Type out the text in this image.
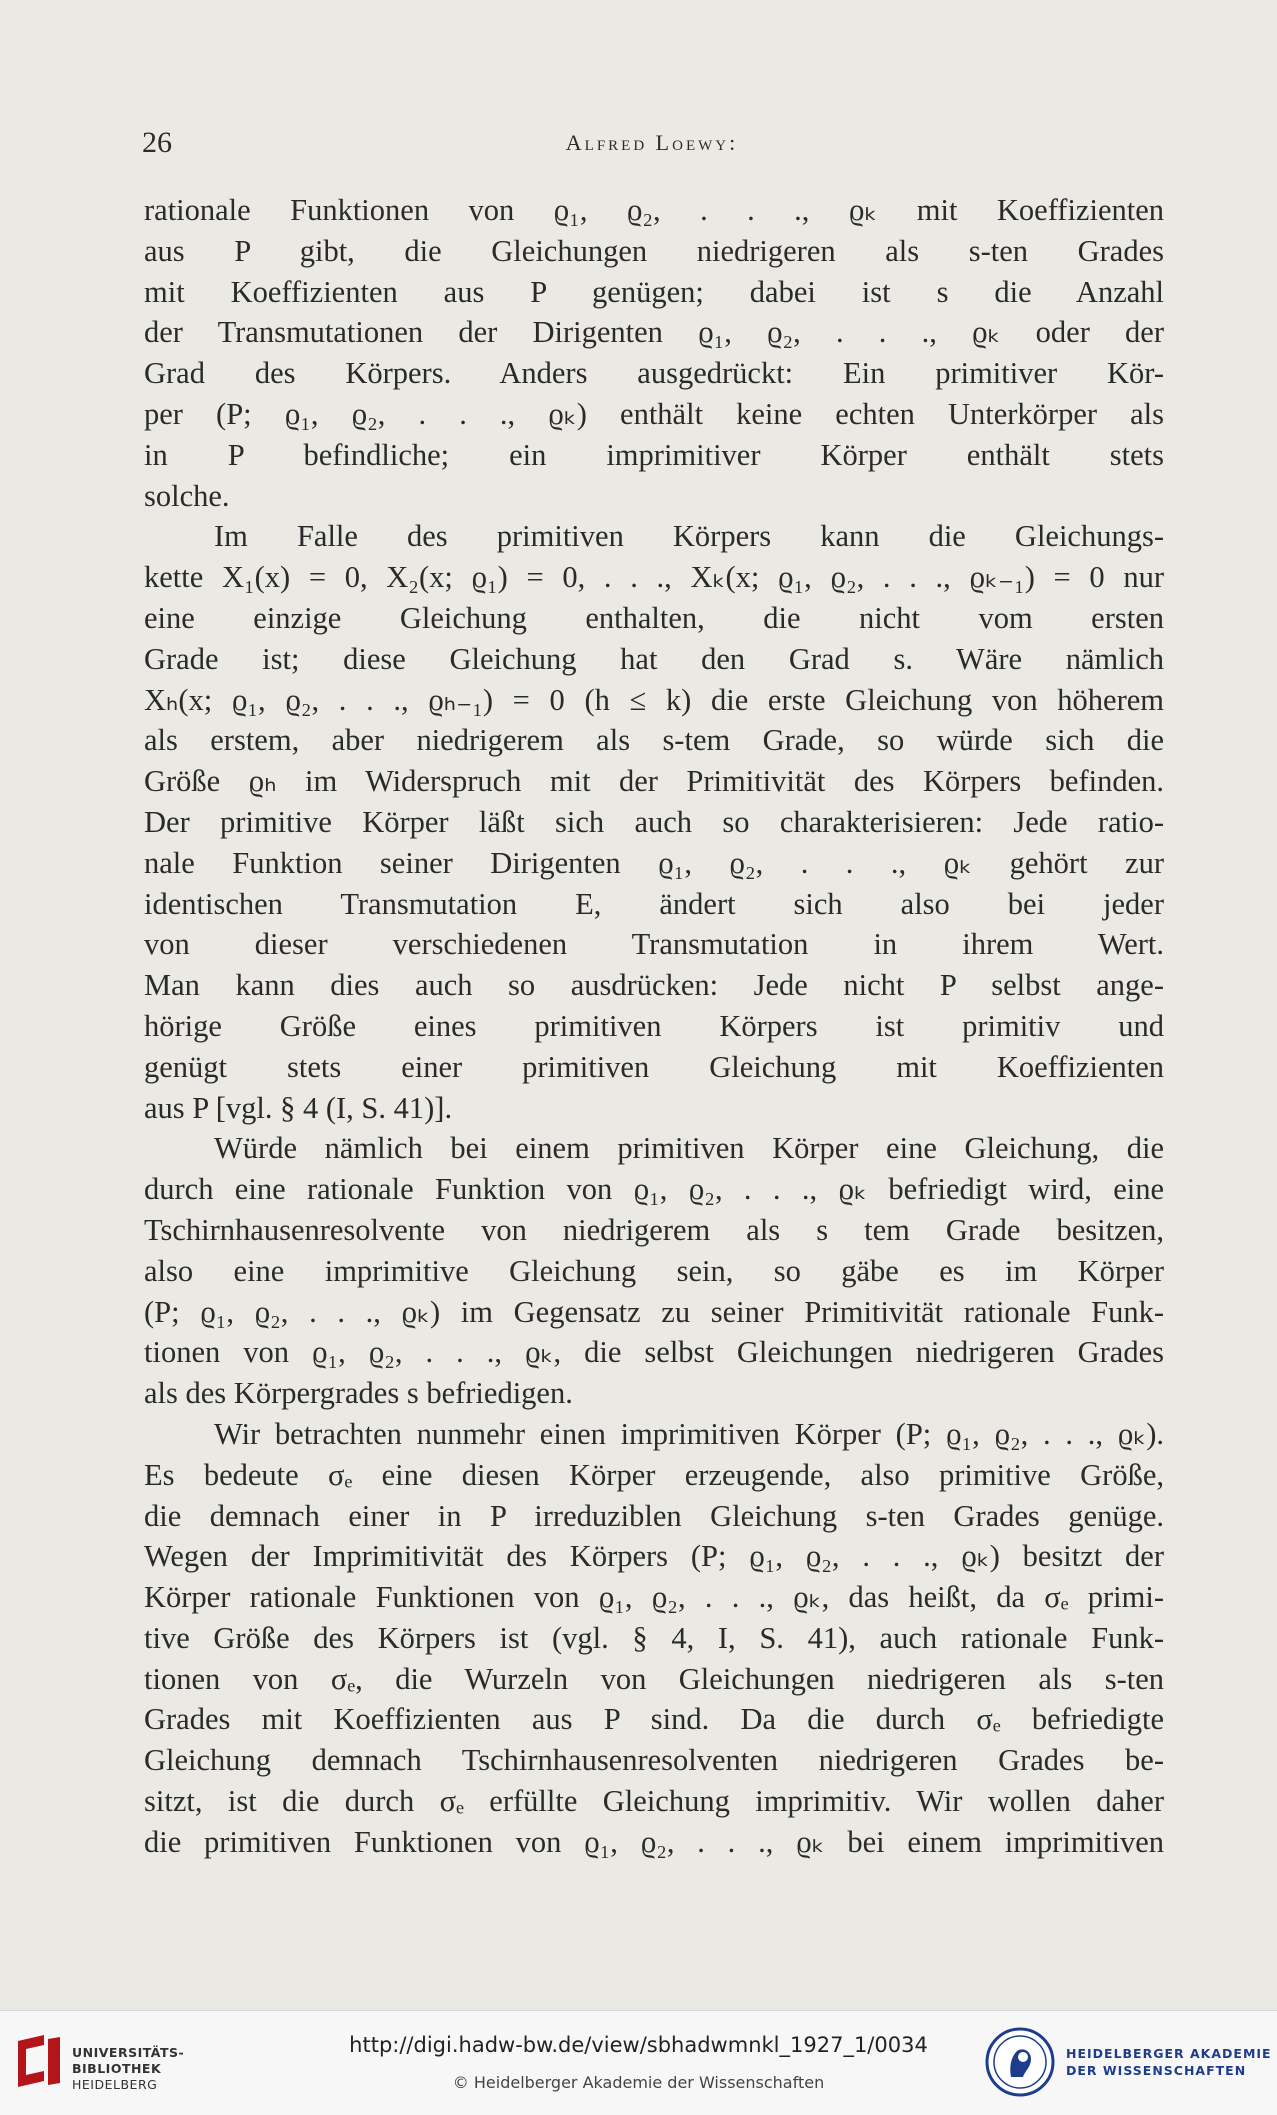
26	Alfred Loewy:
rationale Funktionen von ϱ₁, ϱ₂, . . ., ϱₖ mit Koeffizienten
aus P gibt, die Gleichungen niedrigeren als s-ten Grades
mit Koeffizienten aus P genügen; dabei ist s die Anzahl
der Transmutationen der Dirigenten ϱ₁, ϱ₂, . . ., ϱₖ oder der
Grad des Körpers. Anders ausgedrückt: Ein primitiver Kör-
per (P; ϱ₁, ϱ₂, . . ., ϱₖ) enthält keine echten Unterkörper als
in P befindliche; ein imprimitiver Körper enthält stets
solche.
Im Falle des primitiven Körpers kann die Gleichungs-
kette X₁(x) = 0, X₂(x; ϱ₁) = 0, . . ., Xₖ(x; ϱ₁, ϱ₂, . . ., ϱₖ₋₁) = 0 nur
eine einzige Gleichung enthalten, die nicht vom ersten
Grade ist; diese Gleichung hat den Grad s. Wäre nämlich
Xₕ(x; ϱ₁, ϱ₂, . . ., ϱₕ₋₁) = 0 (h ≤ k) die erste Gleichung von höherem
als erstem, aber niedrigerem als s-tem Grade, so würde sich die
Größe ϱₕ im Widerspruch mit der Primitivität des Körpers befinden.
Der primitive Körper läßt sich auch so charakterisieren: Jede ratio-
nale Funktion seiner Dirigenten ϱ₁, ϱ₂, . . ., ϱₖ gehört zur
identischen Transmutation E, ändert sich also bei jeder
von dieser verschiedenen Transmutation in ihrem Wert.
Man kann dies auch so ausdrücken: Jede nicht P selbst ange-
hörige Größe eines primitiven Körpers ist primitiv und
genügt stets einer primitiven Gleichung mit Koeffizienten
aus P [vgl. § 4 (I, S. 41)].
Würde nämlich bei einem primitiven Körper eine Gleichung, die
durch eine rationale Funktion von ϱ₁, ϱ₂, . . ., ϱₖ befriedigt wird, eine
Tschirnhausenresolvente von niedrigerem als s tem Grade besitzen,
also eine imprimitive Gleichung sein, so gäbe es im Körper
(P; ϱ₁, ϱ₂, . . ., ϱₖ) im Gegensatz zu seiner Primitivität rationale Funk-
tionen von ϱ₁, ϱ₂, . . ., ϱₖ, die selbst Gleichungen niedrigeren Grades
als des Körpergrades s befriedigen.
Wir betrachten nunmehr einen imprimitiven Körper (P; ϱ₁, ϱ₂, . . ., ϱₖ).
Es bedeute σₑ eine diesen Körper erzeugende, also primitive Größe,
die demnach einer in P irreduziblen Gleichung s-ten Grades genüge.
Wegen der Imprimitivität des Körpers (P; ϱ₁, ϱ₂, . . ., ϱₖ) besitzt der
Körper rationale Funktionen von ϱ₁, ϱ₂, . . ., ϱₖ, das heißt, da σₑ primi-
tive Größe des Körpers ist (vgl. § 4, I, S. 41), auch rationale Funk-
tionen von σₑ, die Wurzeln von Gleichungen niedrigeren als s-ten
Grades mit Koeffizienten aus P sind. Da die durch σₑ befriedigte
Gleichung demnach Tschirnhausenresolventen niedrigeren Grades be-
sitzt, ist die durch σₑ erfüllte Gleichung imprimitiv. Wir wollen daher
die primitiven Funktionen von ϱ₁, ϱ₂, . . ., ϱₖ bei einem imprimitiven
UNIVERSITÄTS-
BIBLIOTHEK
HEIDELBERG
http://digi.hadw-bw.de/view/sbhadwmnkl_1927_1/0034
© Heidelberger Akademie der Wissenschaften
HEIDELBERGER AKADEMIE
DER WISSENSCHAFTEN
